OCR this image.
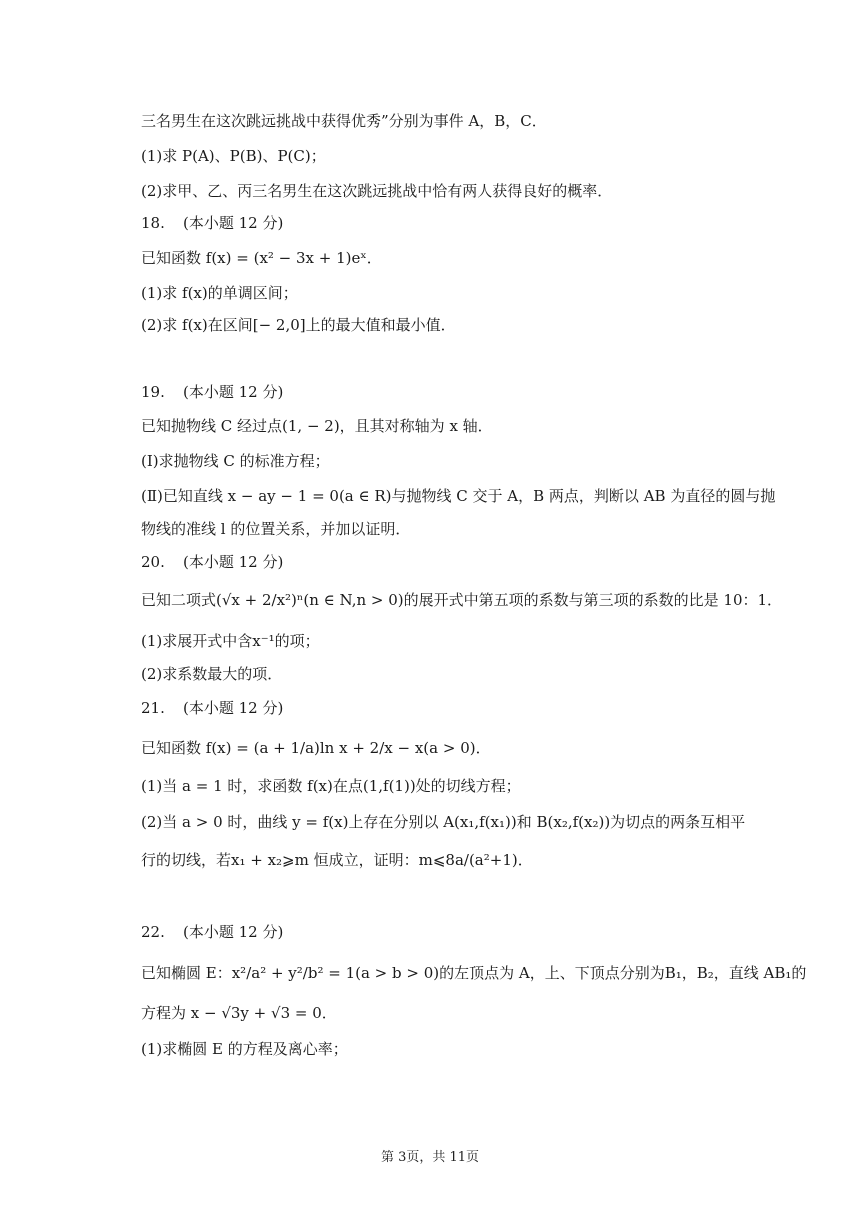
三名男生在这次跳远挑战中获得优秀”分别为事件 A，B，C．
(1)求 P(A)、P(B)、P(C)；
(2)求甲、乙、丙三名男生在这次跳远挑战中恰有两人获得良好的概率．
18. (本小题 12 分)
已知函数 f(x) = (x² − 3x + 1)eˣ．
(1)求 f(x)的单调区间；
(2)求 f(x)在区间[− 2,0]上的最大值和最小值．
19. (本小题 12 分)
已知抛物线 C 经过点(1, − 2)，且其对称轴为 x 轴．
(Ⅰ)求抛物线 C 的标准方程；
(Ⅱ)已知直线 x − ay − 1 = 0(a ∈ R)与抛物线 C 交于 A，B 两点，判断以 AB 为直径的圆与抛
物线的准线 l 的位置关系，并加以证明．
20. (本小题 12 分)
已知二项式(√x + 2/x²)ⁿ(n ∈ N,n > 0)的展开式中第五项的系数与第三项的系数的比是 10：1．
(1)求展开式中含x⁻¹的项；
(2)求系数最大的项．
21. (本小题 12 分)
已知函数 f(x) = (a + 1/a)ln x + 2/x − x(a > 0)．
(1)当 a = 1 时，求函数 f(x)在点(1,f(1))处的切线方程；
(2)当 a > 0 时，曲线 y = f(x)上存在分别以 A(x₁,f(x₁))和 B(x₂,f(x₂))为切点的两条互相平
行的切线，若x₁ + x₂⩾m 恒成立，证明：m⩽8a/(a²+1)．
22. (本小题 12 分)
已知椭圆 E：x²/a² + y²/b² = 1(a > b > 0)的左顶点为 A，上、下顶点分别为B₁，B₂，直线 AB₁的
方程为 x − √3y + √3 = 0．
(1)求椭圆 E 的方程及离心率；
第 3页，共 11页
